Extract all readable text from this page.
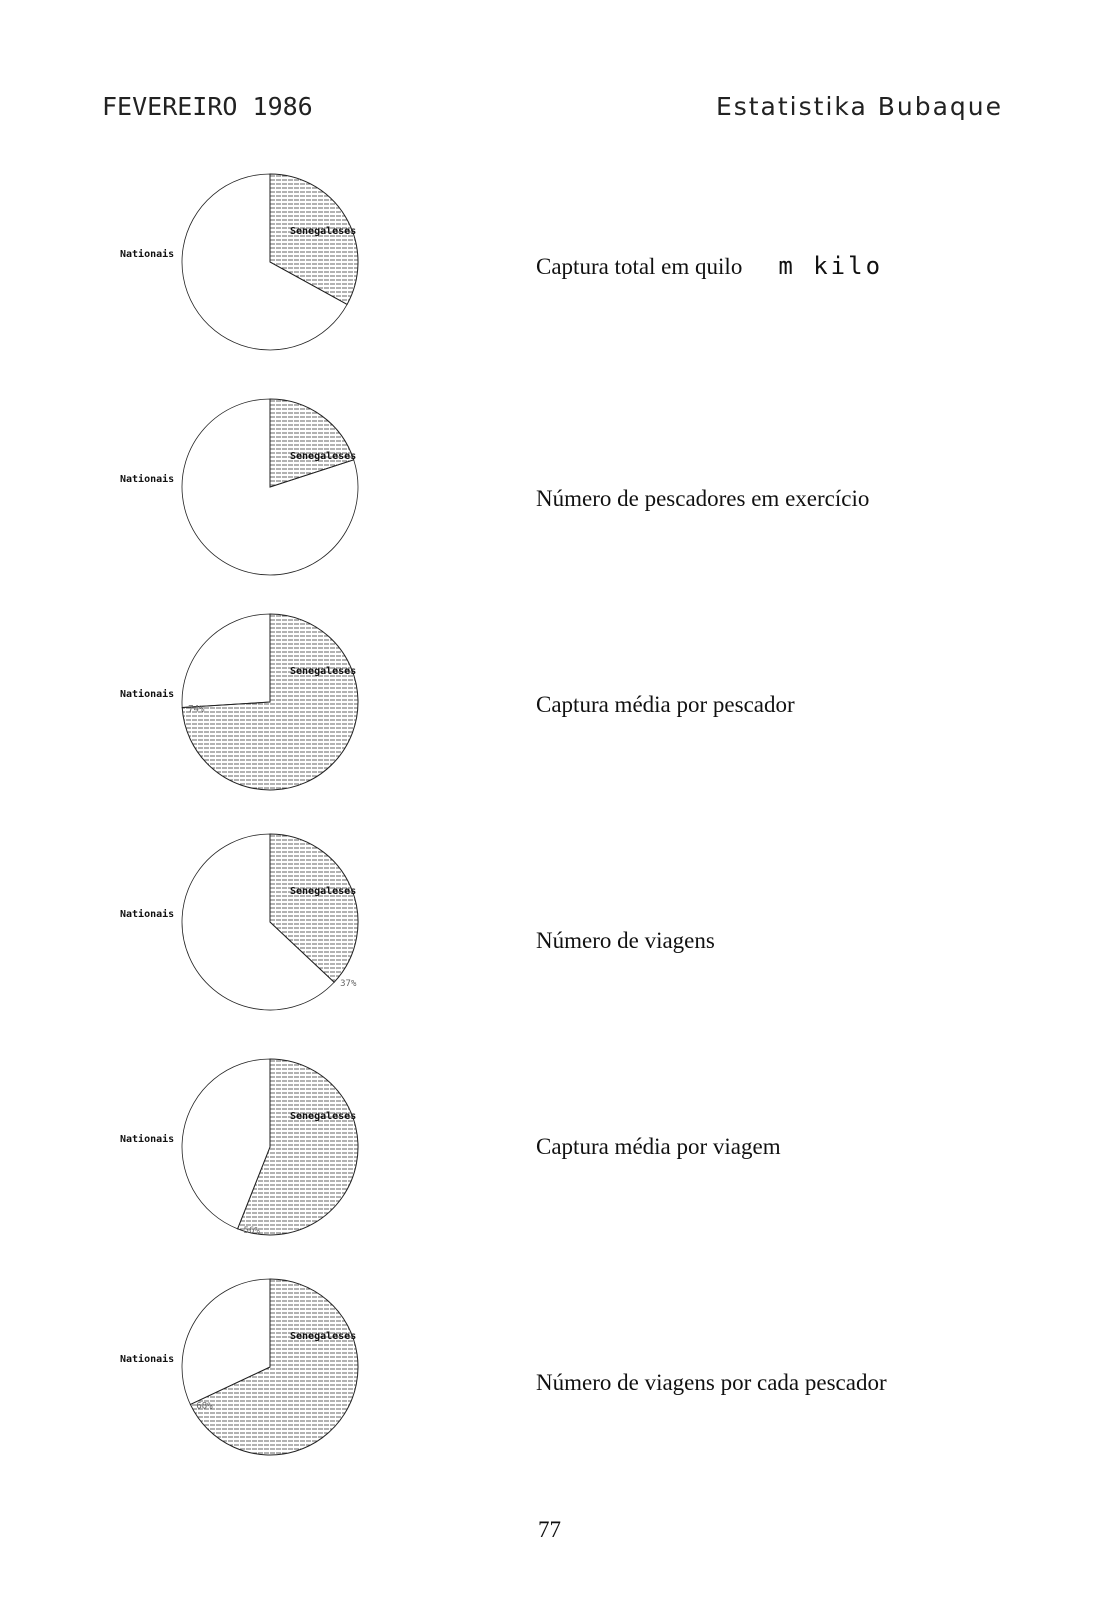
FEVEREIRO 1986	Estatistika Bubaque
Senegaleses
Nationais	Captura total em quilo m kilo
Senegaleses
Nationais
Número de pescadores em exercício
Senegaleses
Nationais
74%	Captura média por pescador
Senegaleses
Nationais
37%
Número de viagens
Senegaleses
Nationais
56%
Captura média por viagem
Senegaleses
Nationais
68%
Número de viagens por cada pescador
77
